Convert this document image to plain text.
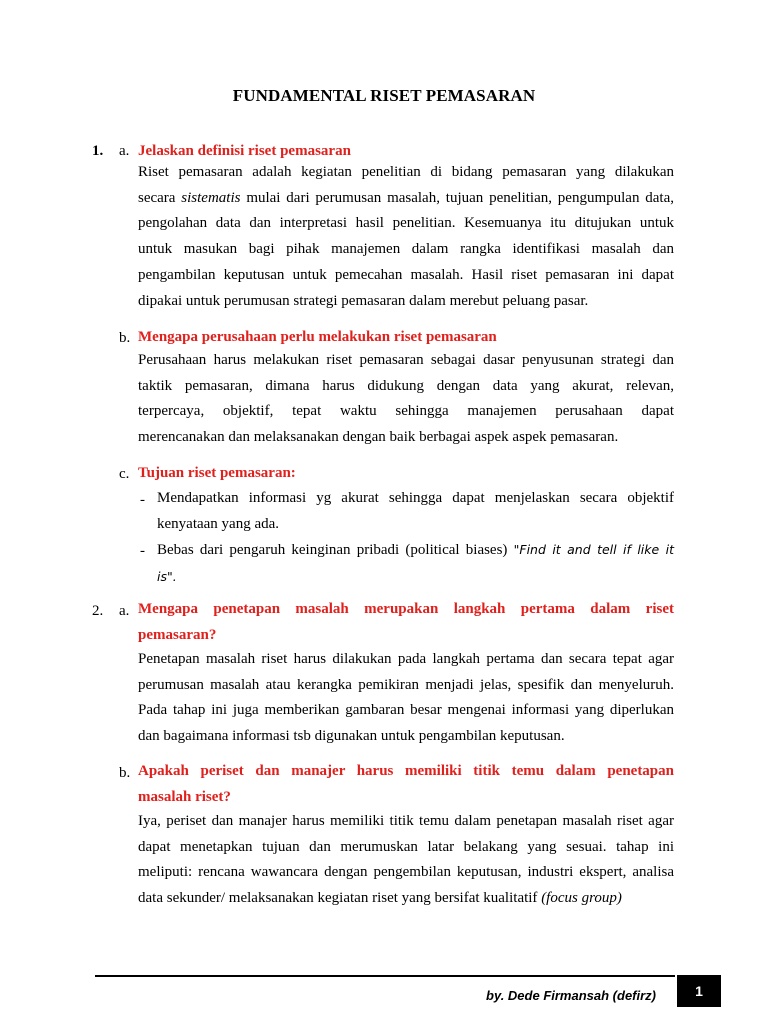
FUNDAMENTAL RISET PEMASARAN
1. a. Jelaskan definisi riset pemasaran
Riset pemasaran adalah kegiatan penelitian di bidang pemasaran yang dilakukan
secara sistematis mulai dari perumusan masalah, tujuan penelitian, pengumpulan data,
pengolahan data dan interpretasi hasil penelitian. Kesemuanya itu ditujukan untuk
untuk masukan bagi pihak manajemen dalam rangka identifikasi masalah dan
pengambilan keputusan untuk pemecahan masalah. Hasil riset pemasaran ini dapat
dipakai untuk perumusan strategi pemasaran dalam merebut peluang pasar.
b. Mengapa perusahaan perlu melakukan riset pemasaran
Perusahaan harus melakukan riset pemasaran sebagai dasar penyusunan strategi dan
taktik pemasaran, dimana harus didukung dengan data yang akurat, relevan,
terpercaya, objektif, tepat waktu sehingga manajemen perusahaan dapat
merencanakan dan melaksanakan dengan baik berbagai aspek aspek pemasaran.
c. Tujuan riset pemasaran:
- Mendapatkan informasi yg akurat sehingga dapat menjelaskan secara objektif
kenyataan yang ada.
- Bebas dari pengaruh keinginan pribadi (political biases) "Find it and tell if like it
is".
2. a. Mengapa penetapan masalah merupakan langkah pertama dalam riset
pemasaran?
Penetapan masalah riset harus dilakukan pada langkah pertama dan secara tepat agar
perumusan masalah atau kerangka pemikiran menjadi jelas, spesifik dan menyeluruh.
Pada tahap ini juga memberikan gambaran besar mengenai informasi yang diperlukan
dan bagaimana informasi tsb digunakan untuk pengambilan keputusan.
b. Apakah periset dan manajer harus memiliki titik temu dalam penetapan
masalah riset?
Iya, periset dan manajer harus memiliki titik temu dalam penetapan masalah riset agar
dapat menetapkan tujuan dan merumuskan latar belakang yang sesuai. tahap ini
meliputi: rencana wawancara dengan pengembilan keputusan, industri ekspert, analisa
data sekunder/ melaksanakan kegiatan riset yang bersifat kualitatif (focus group)
by. Dede Firmansah (defirz)	1
